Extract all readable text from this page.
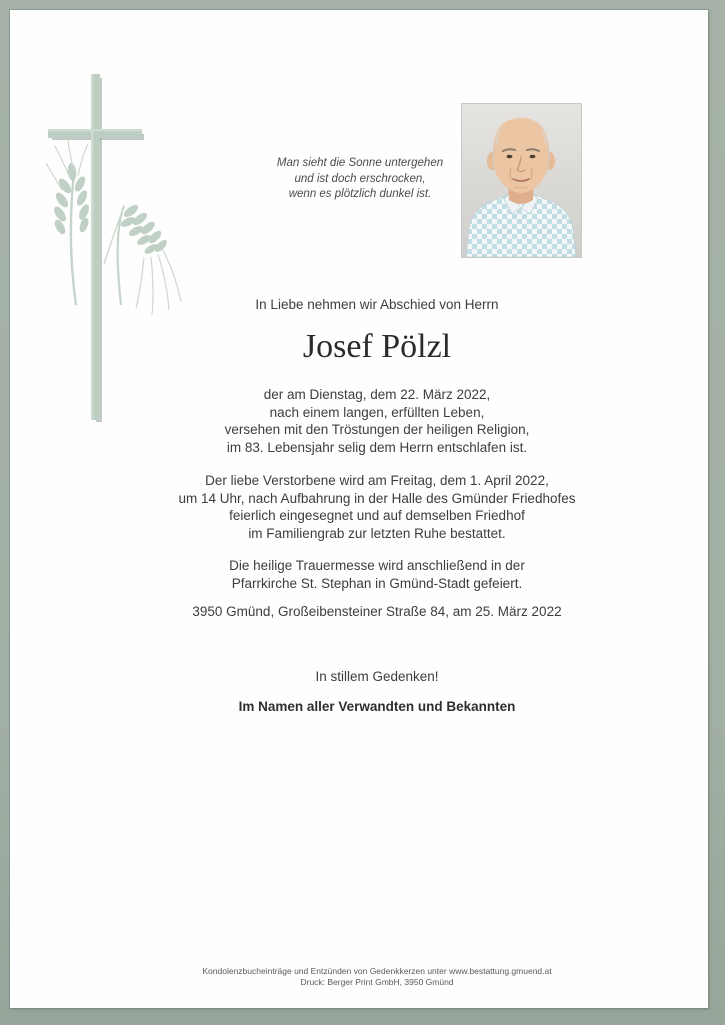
Man sieht die Sonne untergehen
und ist doch erschrocken,
wenn es plötzlich dunkel ist.
In Liebe nehmen wir Abschied von Herrn
Josef Pölzl
der am Dienstag, dem 22. März 2022,
nach einem langen, erfüllten Leben,
versehen mit den Tröstungen der heiligen Religion,
im 83. Lebensjahr selig dem Herrn entschlafen ist.
Der liebe Verstorbene wird am Freitag, dem 1. April 2022,
um 14 Uhr, nach Aufbahrung in der Halle des Gmünder Friedhofes
feierlich eingesegnet und auf demselben Friedhof
im Familiengrab zur letzten Ruhe bestattet.
Die heilige Trauermesse wird anschließend in der
Pfarrkirche St. Stephan in Gmünd-Stadt gefeiert.
3950 Gmünd, Großeibensteiner Straße 84, am 25. März 2022
In stillem Gedenken!
Im Namen aller Verwandten und Bekannten
Kondolenzbucheinträge und Entzünden von Gedenkkerzen unter www.bestattung.gmuend.at
Druck: Berger Print GmbH, 3950 Gmünd
